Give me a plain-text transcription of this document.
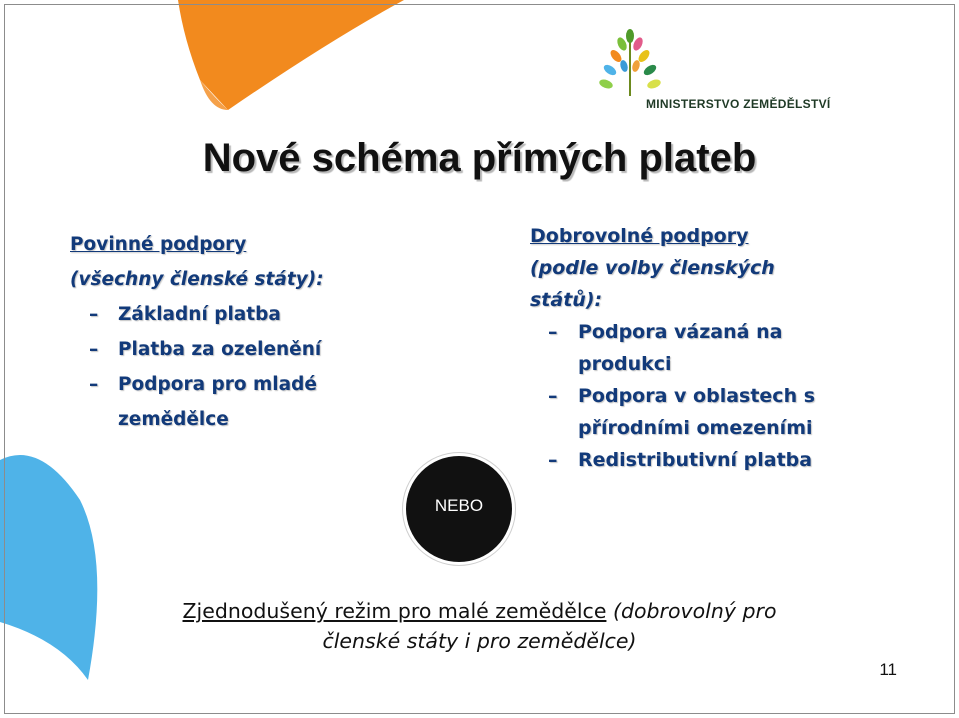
MINISTERSTVO ZEMĚDĚLSTVÍ
Nové schéma přímých plateb
Povinné podpory
(všechny členské státy):
– Základní platba
– Platba za ozelenění
– Podpora pro mladé
zemědělce
Dobrovolné podpory
(podle volby členských
států):
– Podpora vázaná na
produkci
– Podpora v oblastech s
přírodními omezeními
– Redistributivní platba
NEBO
Zjednodušený režim pro malé zemědělce (dobrovolný pro
členské státy i pro zemědělce)
11
